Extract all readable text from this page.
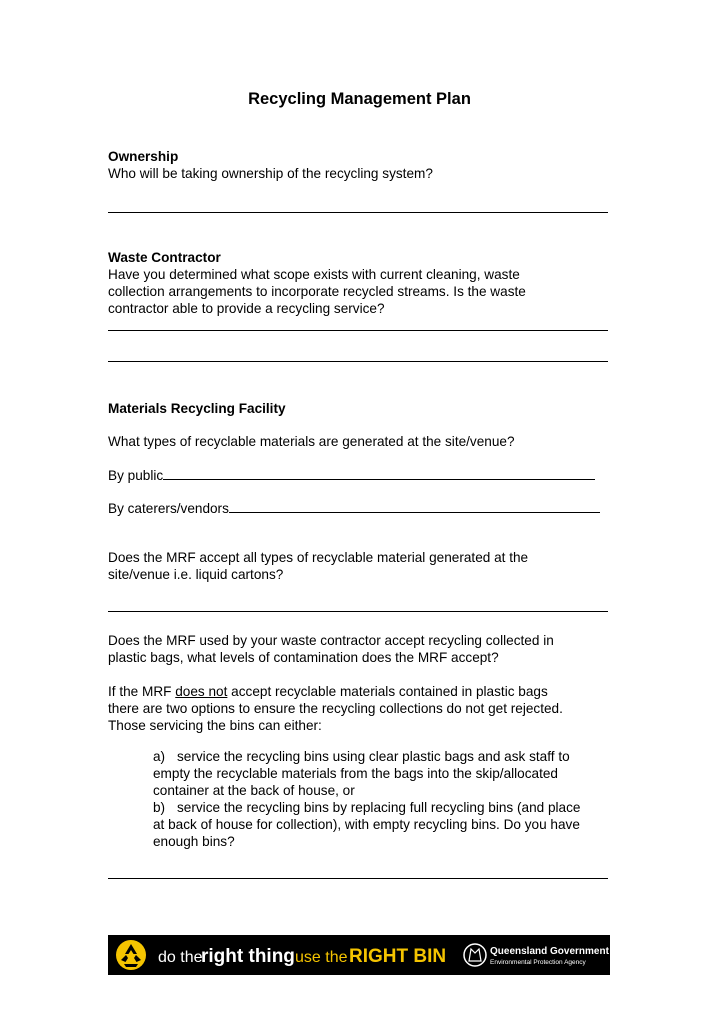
Recycling Management Plan
Ownership
Who will be taking ownership of the recycling system?
Waste Contractor
Have you determined what scope exists with current cleaning, waste
collection arrangements to incorporate recycled streams. Is the waste
contractor able to provide a recycling service?
Materials Recycling Facility
What types of recyclable materials are generated at the site/venue?
By public
By caterers/vendors
Does the MRF accept all types of recyclable material generated at the
site/venue i.e. liquid cartons?
Does the MRF used by your waste contractor accept recycling collected in
plastic bags, what levels of contamination does the MRF accept?
If the MRF does not accept recyclable materials contained in plastic bags
there are two options to ensure the recycling collections do not get rejected.
Those servicing the bins can either:
a) service the recycling bins using clear plastic bags and ask staff to
empty the recyclable materials from the bags into the skip/allocated
container at the back of house, or
b) service the recycling bins by replacing full recycling bins (and place
at back of house for collection), with empty recycling bins. Do you have
enough bins?
do the
right thing use the RIGHT BIN	Queensland Government
Environmental Protection Agency
